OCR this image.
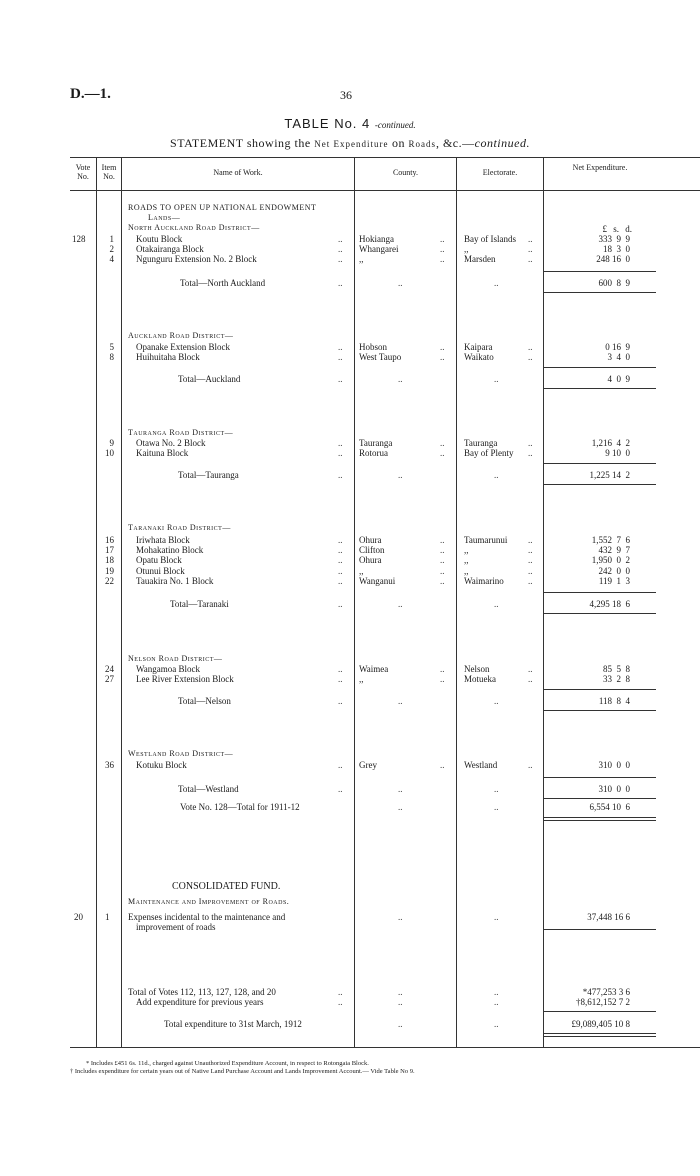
D.—1.	36
TABLE No. 4 -continued.
STATEMENT showing the Net Expenditure on Roads, &c.—continued.
Vote No.
Item No.	Name of Work.	County.	Electorate.
Net Expenditure.
ROADS TO OPEN UP NATIONAL ENDOWMENT
Lands—
North Auckland Road District—
128	1 Koutu Block	.. Hokianga	.. Bay of Islands ..	333  9  9
2 Otakairanga Block	.. Whangarei	.. ,,	..	18  3  0
4 Ngunguru Extension No. 2 Block	.. ,,	.. Marsden	..	248 16  0
£ s. d.
Total—North Auckland	..	..	..	600  8  9
Auckland Road District—
5 Opanake Extension Block	.. Hobson	.. Kaipara	..	0 16  9
8 Huihuitaha Block	.. West Taupo	.. Waikato	..	3  4  0
Total—Auckland	..	..	..	4  0  9
Tauranga Road District—
9 Otawa No. 2 Block	.. Tauranga	.. Tauranga	..	1,216  4  2
10 Kaituna Block	.. Rotorua	.. Bay of Plenty ..	9 10  0
Total—Tauranga	..	..	..	1,225 14  2
Taranaki Road District—
16 Iriwhata Block	.. Ohura	.. Taumarunui ..	1,552  7  6
17 Mohakatino Block	.. Clifton	.. ,,	..	432  9  7
18 Opatu Block	.. Ohura	.. ,,	..	1,950  0  2
19 Otunui Block	.. ,,	.. ,,	..	242  0  0
22 Tauakira No. 1 Block	.. Wanganui	.. Waimarino	..	119  1  3
Total—Taranaki	..	..	..	4,295 18  6
Nelson Road District—
24 Wangamoa Block	.. Waimea	.. Nelson	..	85  5  8
27 Lee River Extension Block	.. ,,	.. Motueka	..	33  2  8
Total—Nelson	..	..	..	118  8  4
Westland Road District—
36 Kotuku Block	.. Grey	.. Westland	..	310  0  0
Total—Westland	..	..	..	310  0  0
Vote No. 128—Total for 1911-12	..	..	6,554 10  6
CONSOLIDATED FUND.
Maintenance and Improvement of Roads.
20 1 Expenses incidental to the maintenance and
improvement of roads
..	..	37,448 16 6
Total of Votes 112, 113, 127, 128, and 20	..	..	..	*477,253 3 6
Add expenditure for previous years	..	..	..	†8,612,152 7 2
Total expenditure to 31st March, 1912	..	..	£9,089,405 10 8
* Includes £451 6s. 11d., charged against Unauthorized Expenditure Account, in respect to Rotongaia Block.
† Includes expenditure for certain years out of Native Land Purchase Account and Lands Improvement Account.— Vide Table No 9.
